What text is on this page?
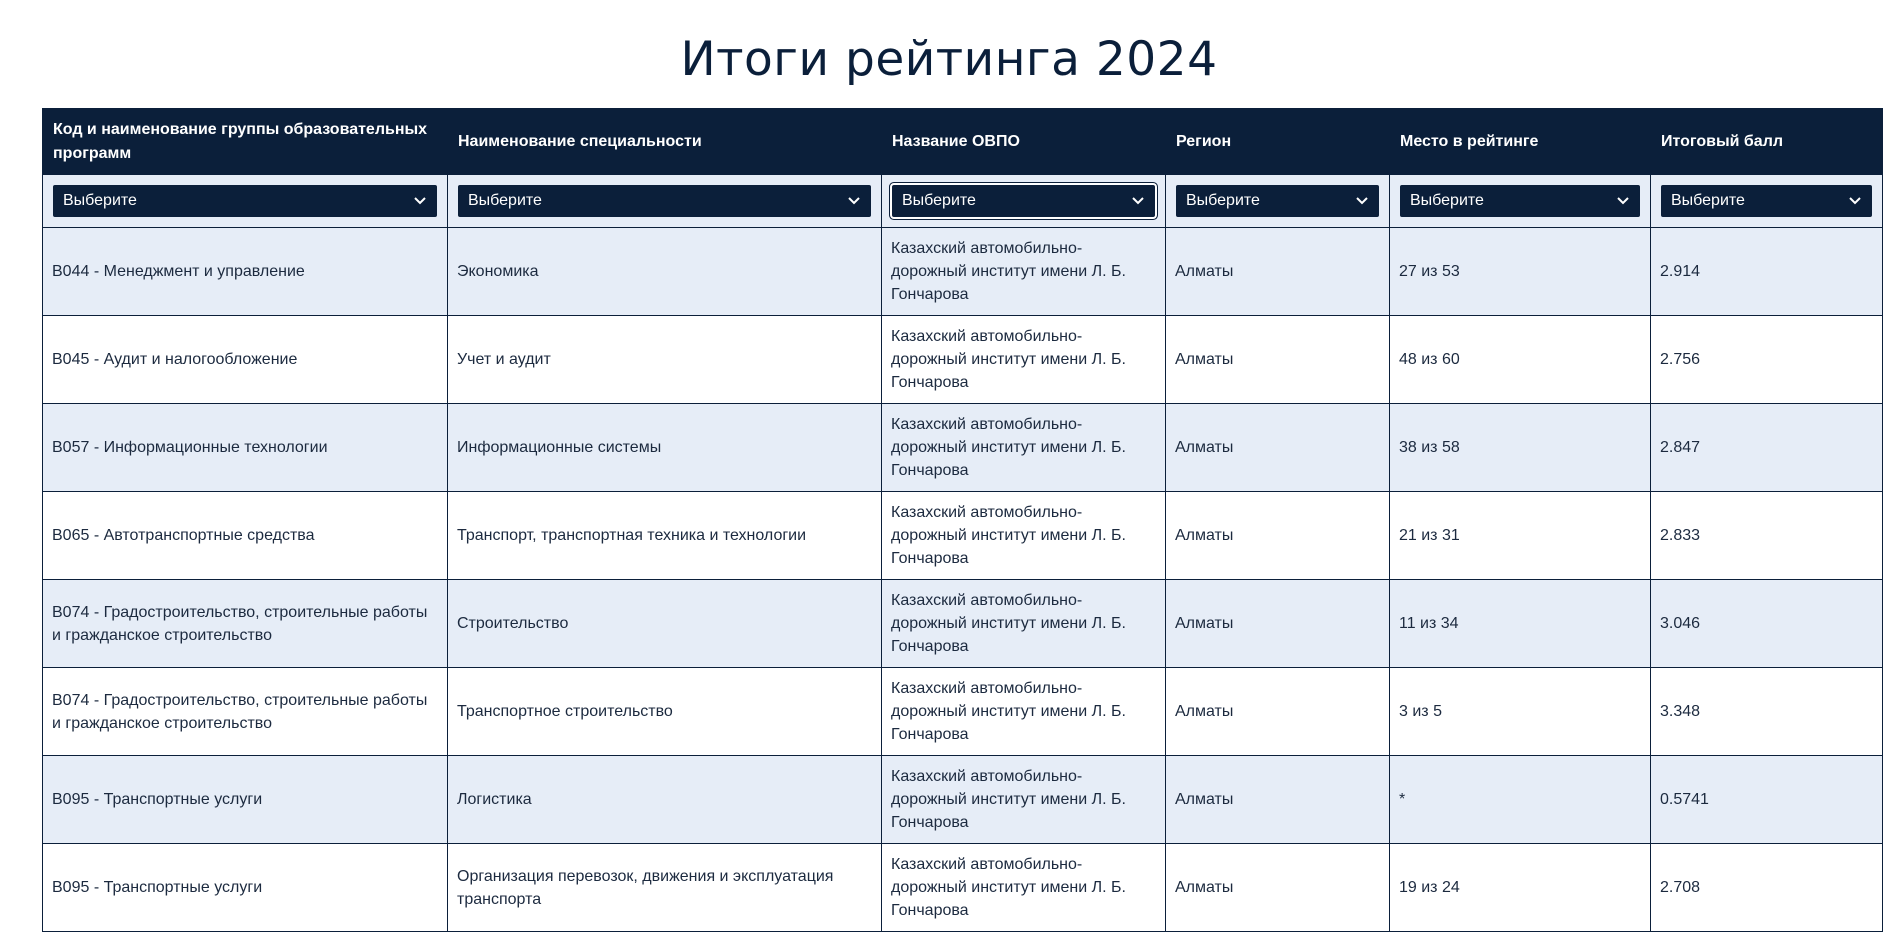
Итоги рейтинга 2024
Код и наименование группы образовательных программ	Наименование специальности	Название ОВПО	Регион	Место в рейтинге	Итоговый балл

Выберите	Выберите	Выберите	Выберите	Выберите	Выберите

B044 - Менеджмент и управление	Экономика	Казахский автомобильно-дорожный институт имени Л. Б. Гончарова	Алматы	27 из 53	2.914
B045 - Аудит и налогообложение	Учет и аудит	Казахский автомобильно-дорожный институт имени Л. Б. Гончарова	Алматы	48 из 60	2.756
B057 - Информационные технологии	Информационные системы	Казахский автомобильно-дорожный институт имени Л. Б. Гончарова	Алматы	38 из 58	2.847
B065 - Автотранспортные средства	Транспорт, транспортная техника и технологии	Казахский автомобильно-дорожный институт имени Л. Б. Гончарова	Алматы	21 из 31	2.833
B074 - Градостроительство, строительные работы и гражданское строительство	Строительство	Казахский автомобильно-дорожный институт имени Л. Б. Гончарова	Алматы	11 из 34	3.046
B074 - Градостроительство, строительные работы и гражданское строительство	Транспортное строительство	Казахский автомобильно-дорожный институт имени Л. Б. Гончарова	Алматы	3 из 5	3.348
B095 - Транспортные услуги	Логистика	Казахский автомобильно-дорожный институт имени Л. Б. Гончарова	Алматы	*	0.5741
B095 - Транспортные услуги	Организация перевозок, движения и эксплуатация транспорта	Казахский автомобильно-дорожный институт имени Л. Б. Гончарова	Алматы	19 из 24	2.708
